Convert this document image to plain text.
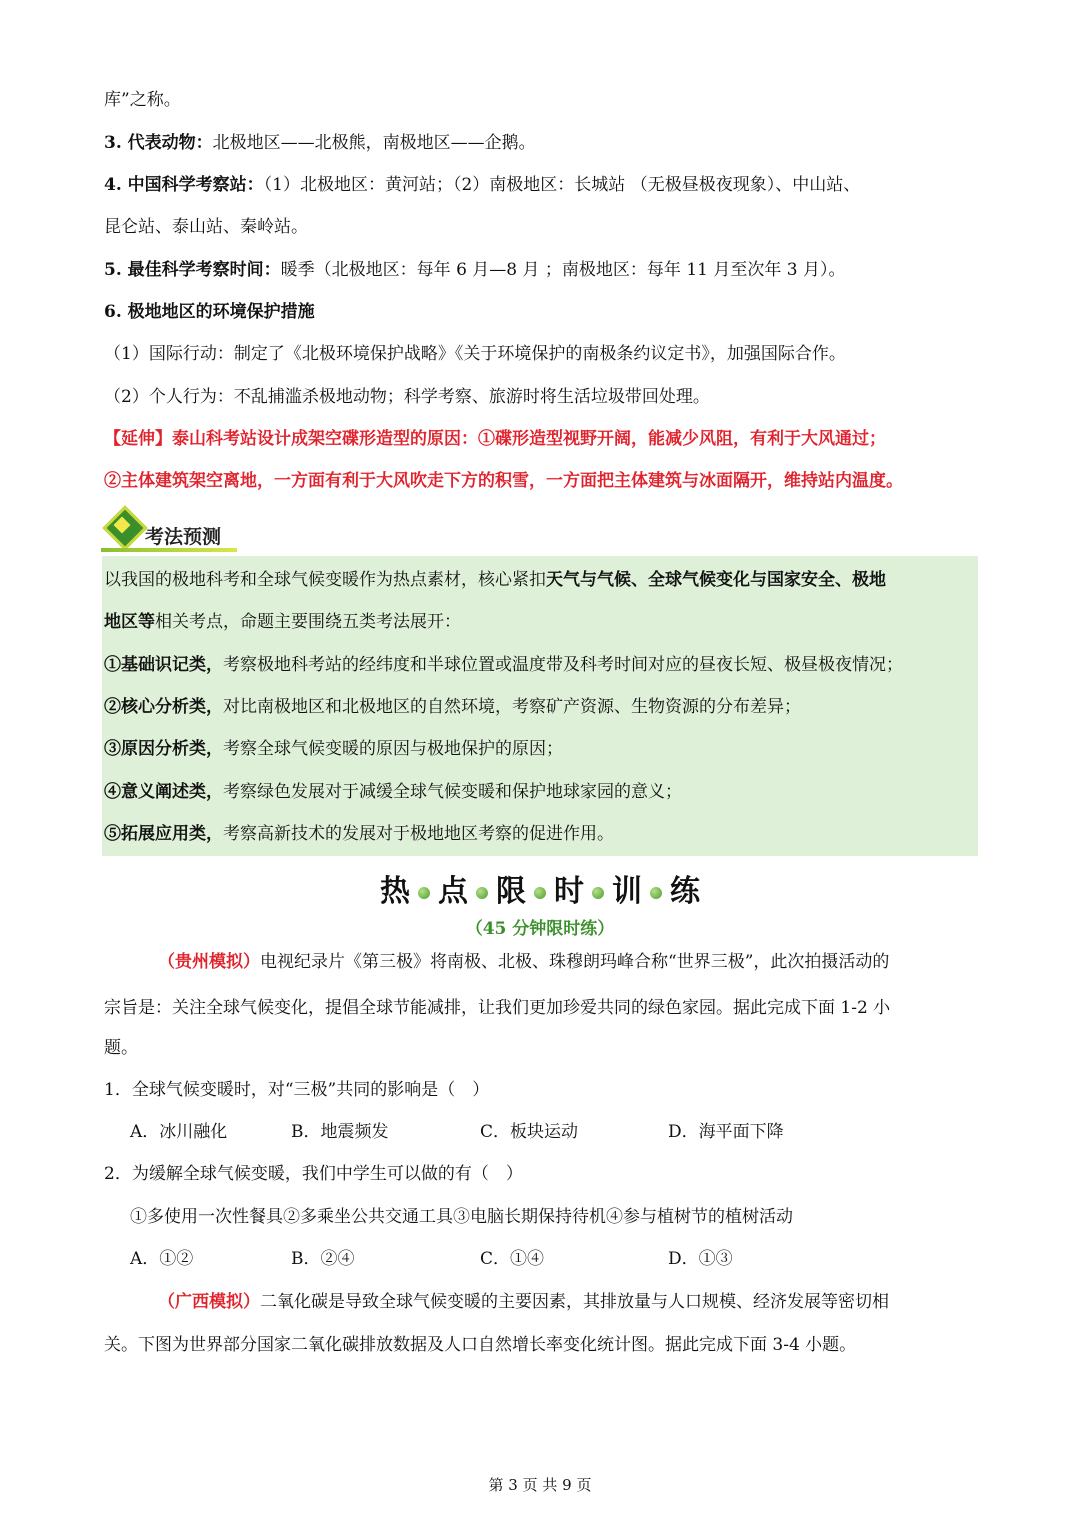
库”之称。
3. 代表动物：北极地区——北极熊，南极地区——企鹅。
4. 中国科学考察站：（1）北极地区：黄河站；（2）南极地区：长城站 （无极昼极夜现象）、中山站、
昆仑站、泰山站、秦岭站。
5. 最佳科学考察时间：暖季（北极地区：每年 6 月—8 月 ；南极地区：每年 11 月至次年 3 月）。
6. 极地地区的环境保护措施
（1）国际行动：制定了《北极环境保护战略》《关于环境保护的南极条约议定书》，加强国际合作。
（2）个人行为：不乱捕滥杀极地动物；科学考察、旅游时将生活垃圾带回处理。
【延伸】泰山科考站设计成架空碟形造型的原因：①碟形造型视野开阔，能减少风阻，有利于大风通过；
②主体建筑架空离地，一方面有利于大风吹走下方的积雪，一方面把主体建筑与冰面隔开，维持站内温度。
考法预测
以我国的极地科考和全球气候变暖作为热点素材，核心紧扣天气与气候、全球气候变化与国家安全、极地
地区等相关考点，命题主要围绕五类考法展开：
①基础识记类，考察极地科考站的经纬度和半球位置或温度带及科考时间对应的昼夜长短、极昼极夜情况；
②核心分析类，对比南极地区和北极地区的自然环境，考察矿产资源、生物资源的分布差异；
③原因分析类，考察全球气候变暖的原因与极地保护的原因；
④意义阐述类，考察绿色发展对于减缓全球气候变暖和保护地球家园的意义；
⑤拓展应用类，考察高新技术的发展对于极地地区考察的促进作用。
热 点 限 时 训 练
（45 分钟限时练）
（贵州模拟）电视纪录片《第三极》将南极、北极、珠穆朗玛峰合称“世界三极”，此次拍摄活动的
宗旨是：关注全球气候变化，提倡全球节能减排，让我们更加珍爱共同的绿色家园。据此完成下面 1-2 小
题。
1．全球气候变暖时，对“三极”共同的影响是（　）
A．冰川融化	B．地震频发	C．板块运动	D．海平面下降
2．为缓解全球气候变暖，我们中学生可以做的有（　）
①多使用一次性餐具②多乘坐公共交通工具③电脑长期保持待机④参与植树节的植树活动
A．①②	B．②④	C．①④	D．①③
（广西模拟）二氧化碳是导致全球气候变暖的主要因素，其排放量与人口规模、经济发展等密切相
关。下图为世界部分国家二氧化碳排放数据及人口自然增长率变化统计图。据此完成下面 3-4 小题。
第 3 页 共 9 页
